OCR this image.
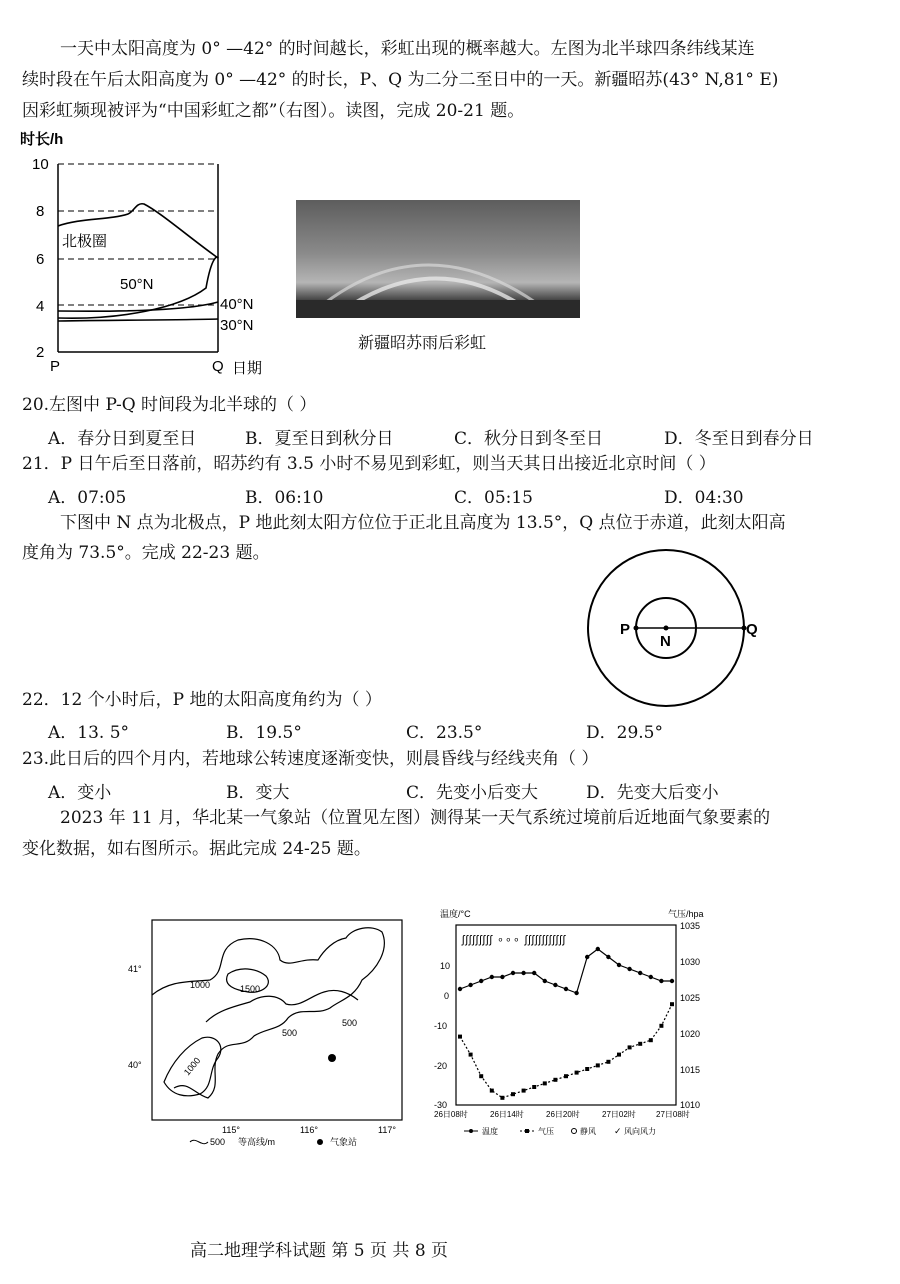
一天中太阳高度为 0° —42° 的时间越长，彩虹出现的概率越大。左图为北半球四条纬线某连
续时段在午后太阳高度为 0° —42° 的时长，P、Q 为二分二至日中的一天。新疆昭苏(43° N,81° E)
因彩虹频现被评为“中国彩虹之都”（右图）。读图，完成 20-21 题。
时长/h
10
8
6
4
2
北极圈
50°N
40°N
30°N
P	Q 日期
新疆昭苏雨后彩虹
20.左图中 P-Q 时间段为北半球的（ ）
A．春分日到夏至日	B．夏至日到秋分日	C．秋分日到冬至日	D．冬至日到春分日
21．P 日午后至日落前，昭苏约有 3.5 小时不易见到彩虹，则当天其日出接近北京时间（ ）
A．07:05	B．06:10	C．05:15	D．04:30
下图中 N 点为北极点，P 地此刻太阳方位位于正北且高度为 13.5°，Q 点位于赤道，此刻太阳高
度角为 73.5°。完成 22-23 题。
P
N
Q
22．12 个小时后，P 地的太阳高度角约为（ ）
A．13. 5°	B．19.5°	C．23.5°	D．29.5°
23.此日后的四个月内，若地球公转速度逐渐变快，则晨昏线与经线夹角（ ）
A．变小	B．变大	C．先变小后变大	D．先变大后变小
2023 年 11 月，华北某一气象站（位置见左图）测得某一天气系统过境前后近地面气象要素的
变化数据，如右图所示。据此完成 24-25 题。
41°
40°
115°	116°	117°
1000	1500
500
500
1000
500 等高线/m	气象站
温度/°C	气压/hpa
10
0
-10
-20
-30
1035
1030
1025
1020
1015
1010
26日08时	26日14时	26日20时	27日02时	27日08时
ʃʃʃʃʃʃʃʃʃ ∘∘∘ ʃʃʃʃʃʃʃʃʃʃʃʃ
温度	气压	静风 ✓ 风向风力
高二地理学科试题 第 5 页 共 8 页
